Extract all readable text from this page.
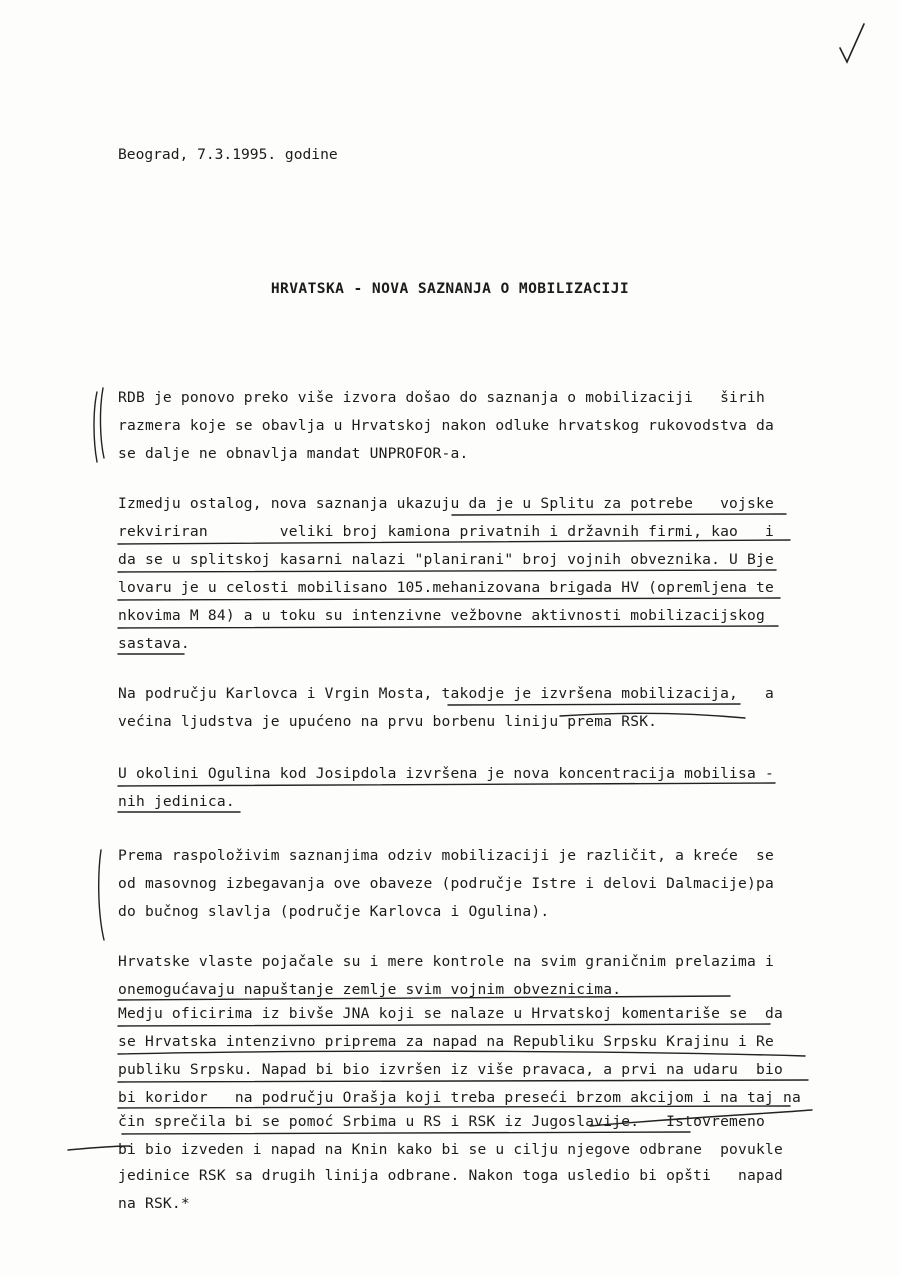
Beograd, 7.3.1995. godine
HRVATSKA - NOVA SAZNANJA O MOBILIZACIJI
RDB je ponovo preko više izvora došao do saznanja o mobilizaciji   širih
razmera koje se obavlja u Hrvatskoj nakon odluke hrvatskog rukovodstva da
se dalje ne obnavlja mandat UNPROFOR-a.
Izmedju ostalog, nova saznanja ukazuju da je u Splitu za potrebe   vojske
rekviriran        veliki broj kamiona privatnih i državnih firmi, kao   i
da se u splitskoj kasarni nalazi "planirani" broj vojnih obveznika. U Bje
lovaru je u celosti mobilisano 105.mehanizovana brigada HV (opremljena te
nkovima M 84) a u toku su intenzivne vežbovne aktivnosti mobilizacijskog
sastava.
Na području Karlovca i Vrgin Mosta, takodje je izvršena mobilizacija,   a
većina ljudstva je upućeno na prvu borbenu liniju prema RSK.
U okolini Ogulina kod Josipdola izvršena je nova koncentracija mobilisa -
nih jedinica.
Prema raspoloživim saznanjima odziv mobilizaciji je različit, a kreće  se
od masovnog izbegavanja ove obaveze (područje Istre i delovi Dalmacije)pa
do bučnog slavlja (područje Karlovca i Ogulina).
Hrvatske vlaste pojačale su i mere kontrole na svim graničnim prelazima i
onemogućavaju napuštanje zemlje svim vojnim obveznicima.
Medju oficirima iz bivše JNA koji se nalaze u Hrvatskoj komentariše se  da
se Hrvatska intenzivno priprema za napad na Republiku Srpsku Krajinu i Re
publiku Srpsku. Napad bi bio izvršen iz više pravaca, a prvi na udaru  bio
bi koridor   na području Orašja koji treba preseći brzom akcijom i na taj na
čin sprečila bi se pomoć Srbima u RS i RSK iz Jugoslavije.   Istovremeno
bi bio izveden i napad na Knin kako bi se u cilju njegove odbrane  povukle
jedinice RSK sa drugih linija odbrane. Nakon toga usledio bi opšti   napad
na RSK.*
